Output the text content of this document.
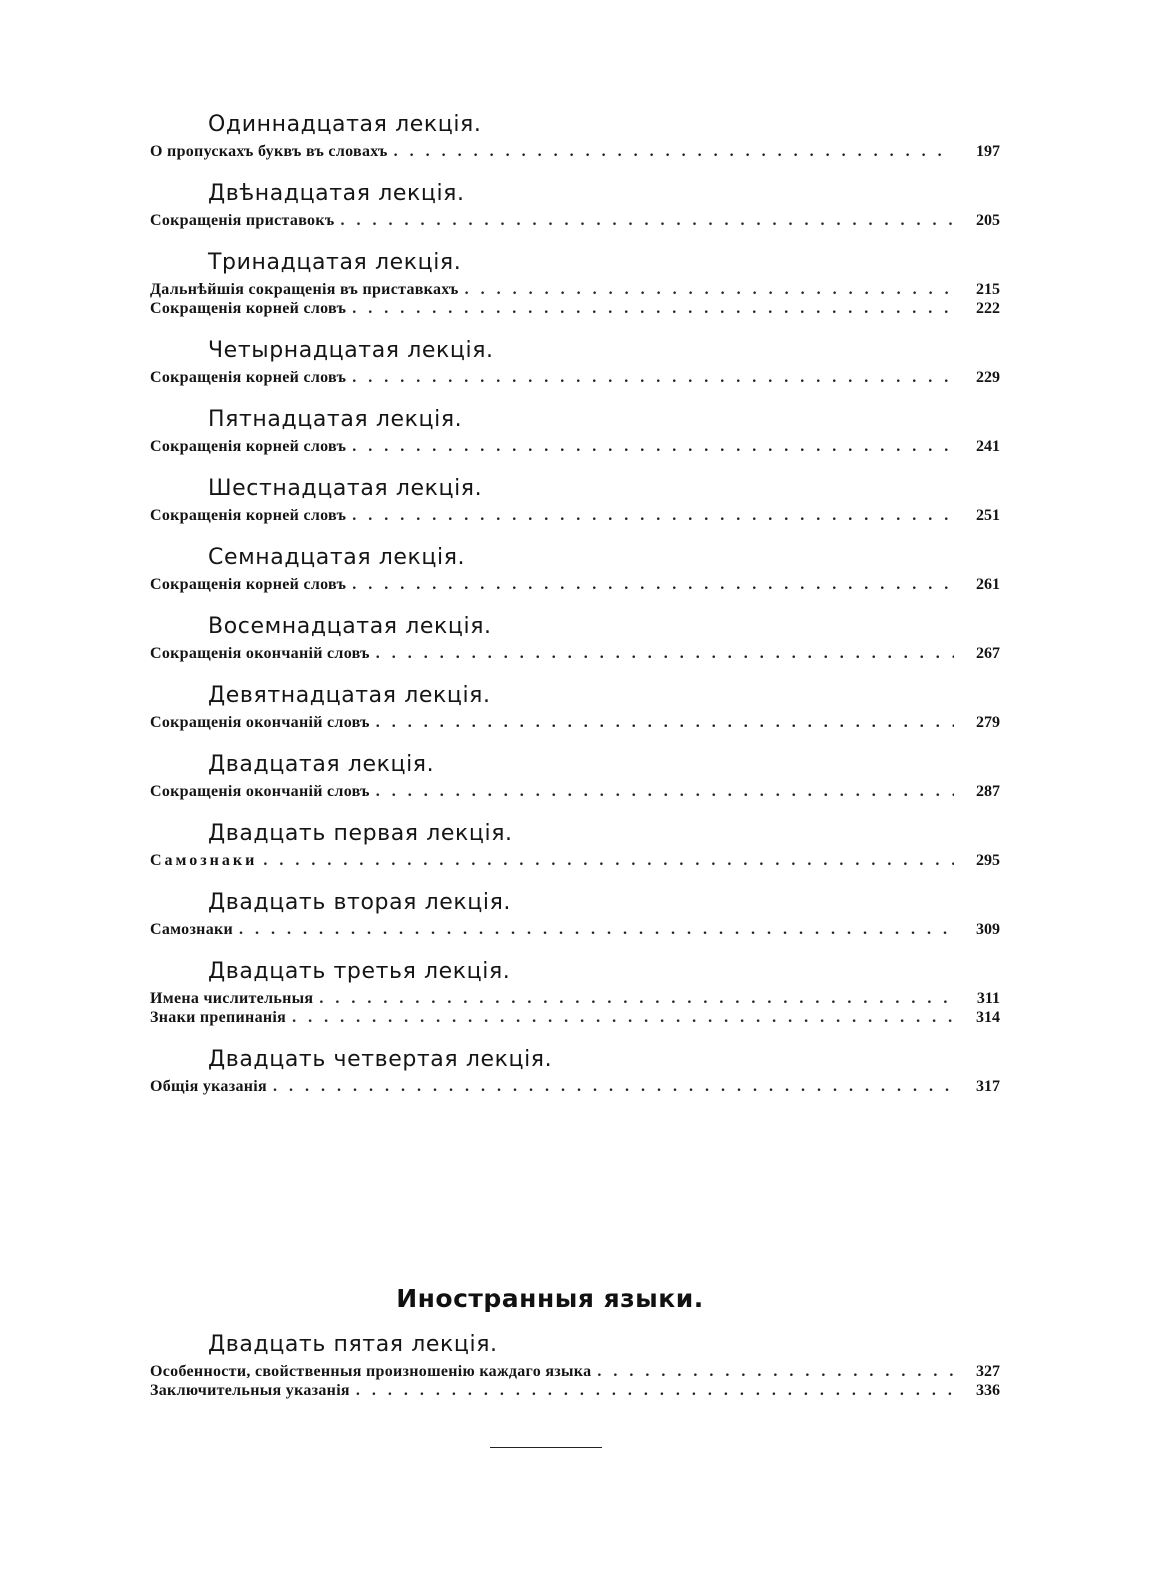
Одиннадцатая лекція.
О пропускахъ буквъ въ словахъ . . .	197
Двѣнадцатая лекція.
Сокращенія приставокъ . . .	205
Тринадцатая лекція.
Дальнѣйшія сокращенія въ приставкахъ . . .	215
Сокращенія корней словъ . . .	222
Четырнадцатая лекція.
Сокращенія корней словъ . . .	229
Пятнадцатая лекція.
Сокращенія корней словъ . . .	241
Шестнадцатая лекція.
Сокращенія корней словъ . . .	251
Семнадцатая лекція.
Сокращенія корней словъ . . .	261
Восемнадцатая лекція.
Сокращенія окончаній словъ . . .	267
Девятнадцатая лекція.
Сокращенія окончаній словъ . . .	279
Двадцатая лекція.
Сокращенія окончаній словъ . . .	287
Двадцать первая лекція.
Самознаки . . .	295
Двадцать вторая лекція.
Самознаки . . .	309
Двадцать третья лекція.
Имена числительныя . . .	311
Знаки препинанія . . .	314
Двадцать четвертая лекція.
Общія указанія . . .	317
Иностранныя языки.
Двадцать пятая лекція.
Особенности, свойственныя произношенію каждаго языка . . .	327
Заключительныя указанія . . .	336
